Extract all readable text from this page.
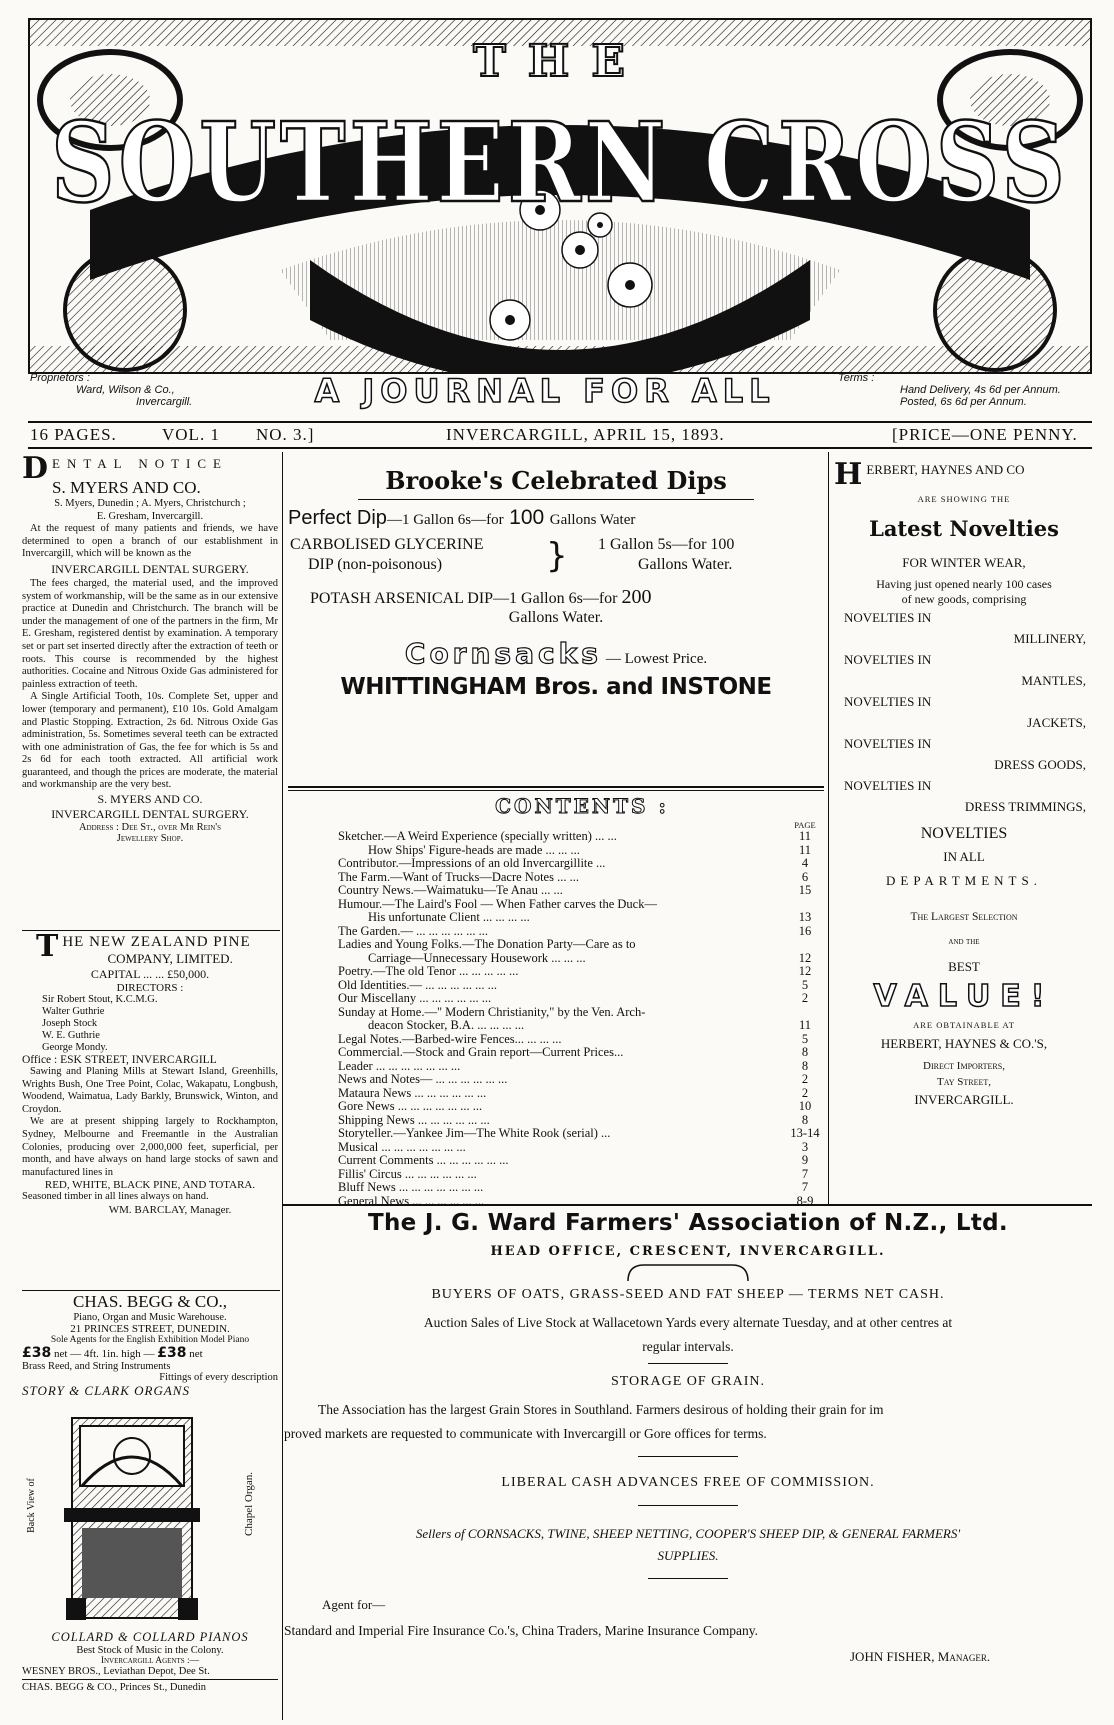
THE
SOUTHERN CROSS
Proprietors :
Ward, Wilson & Co.,
Invercargill.	A JOURNAL FOR ALL	Terms :
Hand Delivery, 4s 6d per Annum.
Posted, 6s 6d per Annum.
16 PAGES.	VOL. 1 NO. 3.]	INVERCARGILL, APRIL 15, 1893.	[PRICE—ONE PENNY.
D ENTAL NOTICE
S. MYERS AND CO.

S. Myers, Dunedin ; A. Myers, Christchurch ;

E. Gresham, Invercargill.

At the request of many patients and friends, we have determined to open a branch of our establishment in Invercargill, which will be known as the

INVERCARGILL DENTAL SURGERY.

The fees charged, the material used, and the improved system of workmanship, will be the same as in our extensive practice at Dunedin and Christchurch. The branch will be under the management of one of the partners in the firm, Mr E. Gresham, registered dentist by examination. A temporary set or part set inserted directly after the extraction of teeth or roots. This course is recommended by the highest authorities. Cocaine and Nitrous Oxide Gas administered for painless extraction of teeth.

A Single Artificial Tooth, 10s. Complete Set, upper and lower (temporary and permanent), £10 10s. Gold Amalgam and Plastic Stopping. Extraction, 2s 6d. Nitrous Oxide Gas administration, 5s. Sometimes several teeth can be extracted with one administration of Gas, the fee for which is 5s and 2s 6d for each tooth extracted. All artificial work guaranteed, and though the prices are moderate, the material and workmanship are the very best.

S. MYERS AND CO.

INVERCARGILL DENTAL SURGERY.

Address : Dee St., over Mr Rein's

Jewellery Shop.

T HE NEW ZEALAND PINE
COMPANY, LIMITED.

CAPITAL ... ... £50,000.

DIRECTORS :

Sir Robert Stout, K.C.M.G.
Walter Guthrie
Joseph Stock
W. E. Guthrie
George Mondy.

Office : ESK STREET, INVERCARGILL

Sawing and Planing Mills at Stewart Island, Greenhills, Wrights Bush, One Tree Point, Colac, Wakapatu, Longbush, Woodend, Waimatua, Lady Barkly, Brunswick, Winton, and Croydon.

We are at present shipping largely to Rockhampton, Sydney, Melbourne and Freemantle in the Australian Colonies, producing over 2,000,000 feet, superficial, per month, and have always on hand large stocks of sawn and manufactured lines in

RED, WHITE, BLACK PINE, AND TOTARA.

Seasoned timber in all lines always on hand.

WM. BARCLAY, Manager.

CHAS. BEGG & CO.,

Piano, Organ and Music Warehouse.

21 PRINCES STREET, DUNEDIN.

Sole Agents for the English Exhibition Model Piano

£38 net — 4ft. 1in. high — £38 net

Brass Reed, and String Instruments

Fittings of every description

STORY & CLARK ORGANS

Back View of	Chapel Organ.

COLLARD & COLLARD PIANOS

Best Stock of Music in the Colony.

Invercargill Agents :—

WESNEY BROS., Leviathan Depot, Dee St.

CHAS. BEGG & CO., Princes St., Dunedin

Brooke's Celebrated Dips

Perfect Dip—1 Gallon 6s—for 100 Gallons Water

CARBOLISED GLYCERINE
DIP (non-poisonous)	} 1 Gallon 5s—for 100
Gallons Water.

POTASH ARSENICAL DIP—1 Gallon 6s—for 200

Gallons Water.

Cornsacks — Lowest Price.

WHITTINGHAM Bros. and INSTONE

CONTENTS :

PAGE
Sketcher.—A Weird Experience (specially written) ... ...	11
How Ships' Figure-heads are made ... ... ...	11
Contributor.—Impressions of an old Invercargillite ...	4
The Farm.—Want of Trucks—Dacre Notes ... ...	6
Country News.—Waimatuku—Te Anau ... ...	15
Humour.—The Laird's Fool — When Father carves the Duck—
His unfortunate Client ... ... ... ...	13
The Garden.— ... ... ... ... ... ...	16
Ladies and Young Folks.—The Donation Party—Care as to
Carriage—Unnecessary Housework ... ... ...	12
Poetry.—The old Tenor ... ... ... ... ...	12
Old Identities.— ... ... ... ... ... ...	5
Our Miscellany ... ... ... ... ... ...	2
Sunday at Home.—" Modern Christianity," by the Ven. Arch-
deacon Stocker, B.A. ... ... ... ...	11
Legal Notes.—Barbed-wire Fences... ... ... ...	5
Commercial.—Stock and Grain report—Current Prices...	8
Leader ... ... ... ... ... ... ...	8
News and Notes— ... ... ... ... ... ...	2
Mataura News ... ... ... ... ... ...	2
Gore News ... ... ... ... ... ... ...	10
Shipping News ... ... ... ... ... ...	8
Storyteller.—Yankee Jim—The White Rook (serial) ...	13-14
Musical ... ... ... ... ... ... ...	3
Current Comments ... ... ... ... ... ...	9
Fillis' Circus ... ... ... ... ... ...	7
Bluff News ... ... ... ... ... ... ...	7
General News ... ... ... ... ... ...	8-9
H ERBERT, HAYNES AND CO

ARE SHOWING THE

Latest Novelties

FOR WINTER WEAR,

Having just opened nearly 100 cases

of new goods, comprising

NOVELTIES IN
MILLINERY,
NOVELTIES IN
MANTLES,
NOVELTIES IN
JACKETS,
NOVELTIES IN
DRESS GOODS,
NOVELTIES IN
DRESS TRIMMINGS,

NOVELTIES

IN ALL

DEPARTMENTS.

The Largest Selection

and the

BEST

VALUE!

ARE OBTAINABLE AT

HERBERT, HAYNES & CO.'S,

Direct Importers,

Tay Street,

INVERCARGILL.

The J. G. Ward Farmers' Association of N.Z., Ltd.

HEAD OFFICE, CRESCENT, INVERCARGILL.

BUYERS OF OATS, GRASS-SEED AND FAT SHEEP — TERMS NET CASH.

Auction Sales of Live Stock at Wallacetown Yards every alternate Tuesday, and at other centres at

regular intervals.

STORAGE OF GRAIN.

The Association has the largest Grain Stores in Southland. Farmers desirous of holding their grain for im

proved markets are requested to communicate with Invercargill or Gore offices for terms.

LIBERAL CASH ADVANCES FREE OF COMMISSION.

Sellers of CORNSACKS, TWINE, SHEEP NETTING, COOPER'S SHEEP DIP, & GENERAL FARMERS'

SUPPLIES.

Agent for—

Standard and Imperial Fire Insurance Co.'s, China Traders, Marine Insurance Company.

JOHN FISHER, Manager.
